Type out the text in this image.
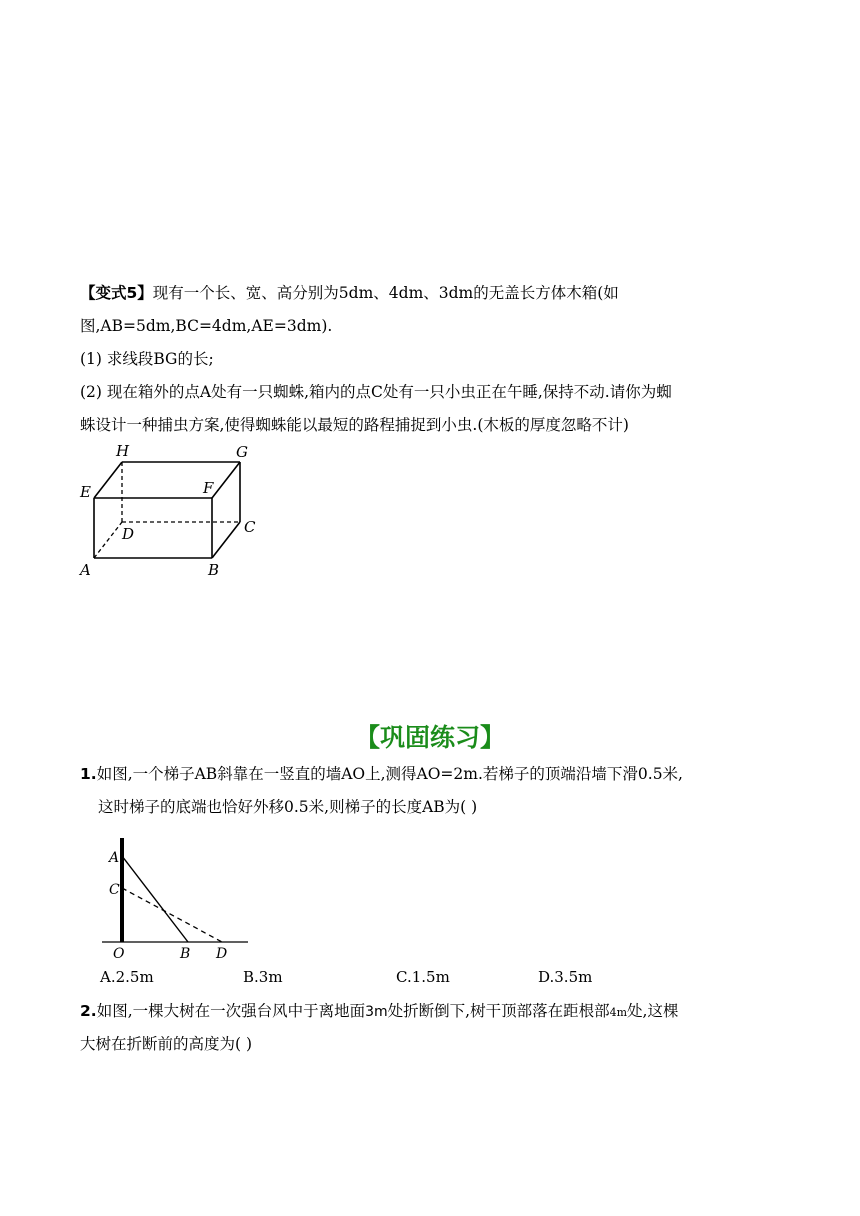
【变式5】现有一个长、宽、高分别为5dm、4dm、3dm的无盖长方体木箱(如
图,AB=5dm,BC=4dm,AE=3dm).
(1) 求线段BG的长;
(2) 现在箱外的点A处有一只蜘蛛,箱内的点C处有一只小虫正在午睡,保持不动.请你为蜘
蛛设计一种捕虫方案,使得蜘蛛能以最短的路程捕捉到小虫.(木板的厚度忽略不计)
H	G
E	F
C
D
A	B
【巩固练习】
1.如图,一个梯子AB斜靠在一竖直的墙AO上,测得AO=2m.若梯子的顶端沿墙下滑0.5米,
这时梯子的底端也恰好外移0.5米,则梯子的长度AB为( )
A
C
O	B D
A.2.5m	B.3m	C.1.5m	D.3.5m
2.如图,一棵大树在一次强台风中于离地面3m处折断倒下,树干顶部落在距根部4m处,这棵
大树在折断前的高度为( )
